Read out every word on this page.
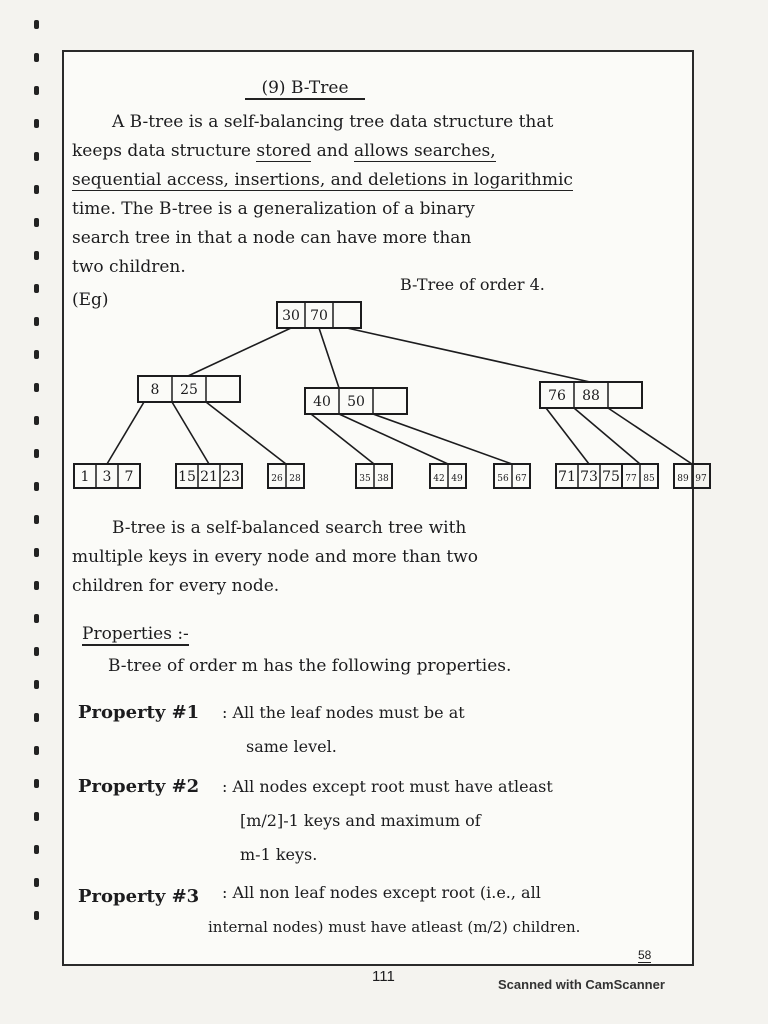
(9) B-Tree
A B-tree is a self-balancing tree data structure that
keeps data structure stored and allows searches,
sequential access, insertions, and deletions in logarithmic
time. The B-tree is a generalization of a binary
search tree in that a node can have more than
two children.
B-Tree of order 4.
(Eg)
30 70
8 25
40 50	76 88
1 3 7	15 21 23	26 28	35 38	42 49	56 67 71 73 75 77 85	89 97
B-tree is a self-balanced search tree with
multiple keys in every node and more than two
children for every node.
Properties :-
B-tree of order m has the following properties.
Property #1 : All the leaf nodes must be at
same level.
Property #2 : All nodes except root must have atleast
[m/2]-1 keys and maximum of
m-1 keys.
Property #3 : All non leaf nodes except root (i.e., all
internal nodes) must have atleast (m/2) children.
58
111	Scanned with CamScanner
